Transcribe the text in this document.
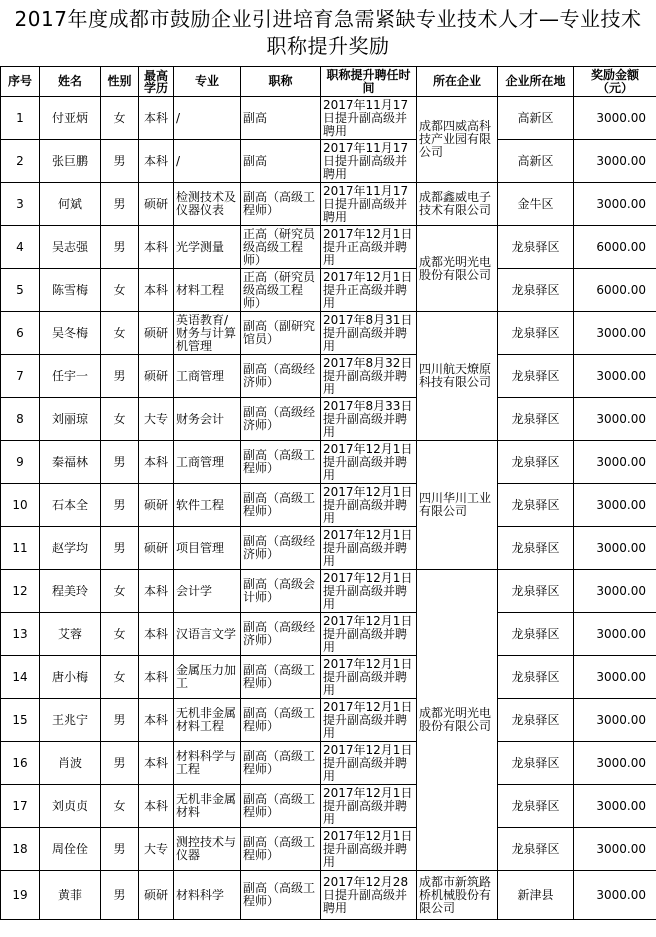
2017年度成都市鼓励企业引进培育急需紧缺专业技术人才—专业技术
职称提升奖励
序号	姓名	性别	最高学历	专业	职称	职称提升聘任时间	所在企业	企业所在地	奖励金额（元）

1	付亚炳	女	本科	/	副高	2017年11月17日提升副高级并聘用	成都四威高科技产业园有限公司	高新区	3000.00

2	张巨鹏	男	本科	/	副高	2017年11月17日提升副高级并聘用		高新区	3000.00

3	何斌	男	硕研	检测技术及仪器仪表	副高（高级工程师）	2017年11月17日提升副高级并聘用	成都鑫威电子技术有限公司	金牛区	3000.00

4	吴志强	男	本科	光学测量	正高（研究员级高级工程师）	2017年12月1日提升正高级并聘用	成都光明光电股份有限公司	龙泉驿区	6000.00

5	陈雪梅	女	本科	材料工程	正高（研究员级高级工程师）	2017年12月1日提升正高级并聘用		龙泉驿区	6000.00

6	吴冬梅	女	硕研	英语教育/财务与计算机管理	副高（副研究馆员）	2017年8月31日提升副高级并聘用	四川航天燎原科技有限公司	龙泉驿区	3000.00

7	任宇一	男	硕研	工商管理	副高（高级经济师）	2017年8月32日提升副高级并聘用		龙泉驿区	3000.00

8	刘丽琼	女	大专	财务会计	副高（高级经济师）	2017年8月33日提升副高级并聘用		龙泉驿区	3000.00

9	秦福林	男	本科	工商管理	副高（高级工程师）	2017年12月1日提升副高级并聘用	四川华川工业有限公司	龙泉驿区	3000.00

10	石本全	男	硕研	软件工程	副高（高级工程师）	2017年12月1日提升副高级并聘用		龙泉驿区	3000.00

11	赵学均	男	硕研	项目管理	副高（高级经济师）	2017年12月1日提升副高级并聘用		龙泉驿区	3000.00

12	程美玲	女	本科	会计学	副高（高级会计师）	2017年12月1日提升副高级并聘用	成都光明光电股份有限公司	龙泉驿区	3000.00

13	艾蓉	女	本科	汉语言文学	副高（高级经济师）	2017年12月1日提升副高级并聘用		龙泉驿区	3000.00

14	唐小梅	女	本科	金属压力加工	副高（高级工程师）	2017年12月1日提升副高级并聘用		龙泉驿区	3000.00

15	王兆宁	男	本科	无机非金属材料工程	副高（高级工程师）	2017年12月1日提升副高级并聘用		龙泉驿区	3000.00

16	肖波	男	本科	材料科学与工程	副高（高级工程师）	2017年12月1日提升副高级并聘用		龙泉驿区	3000.00

17	刘贞贞	女	本科	无机非金属材料	副高（高级工程师）	2017年12月1日提升副高级并聘用		龙泉驿区	3000.00

18	周佺佺	男	大专	测控技术与仪器	副高（高级工程师）	2017年12月1日提升副高级并聘用		龙泉驿区	3000.00

19	黄菲	男	硕研	材料科学	副高（高级工程师）	2017年12月28日提升副高级并聘用	成都市新筑路桥机械股份有限公司	新津县	3000.00
